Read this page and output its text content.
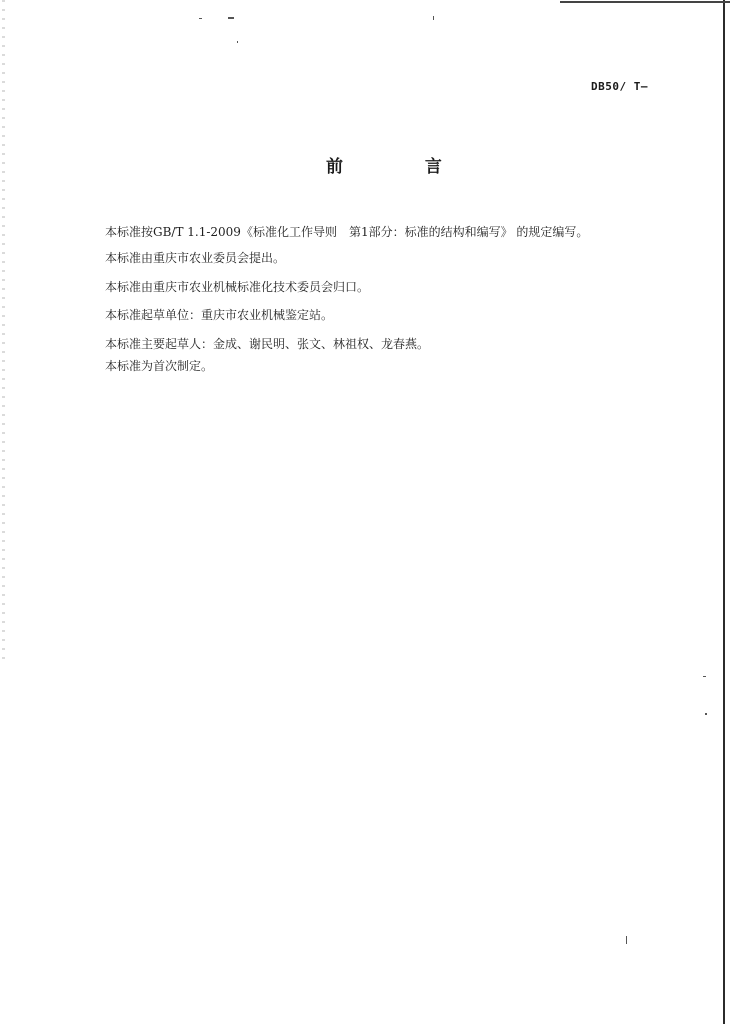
DB50/ T—
前 言
本标准按GB/T 1.1-2009《标准化工作导则　第1部分：标准的结构和编写》 的规定编写。
本标准由重庆市农业委员会提出。
本标准由重庆市农业机械标准化技术委员会归口。
本标准起草单位：重庆市农业机械鉴定站。
本标准主要起草人：金成、谢民明、张文、林祖权、龙春燕。
本标准为首次制定。
